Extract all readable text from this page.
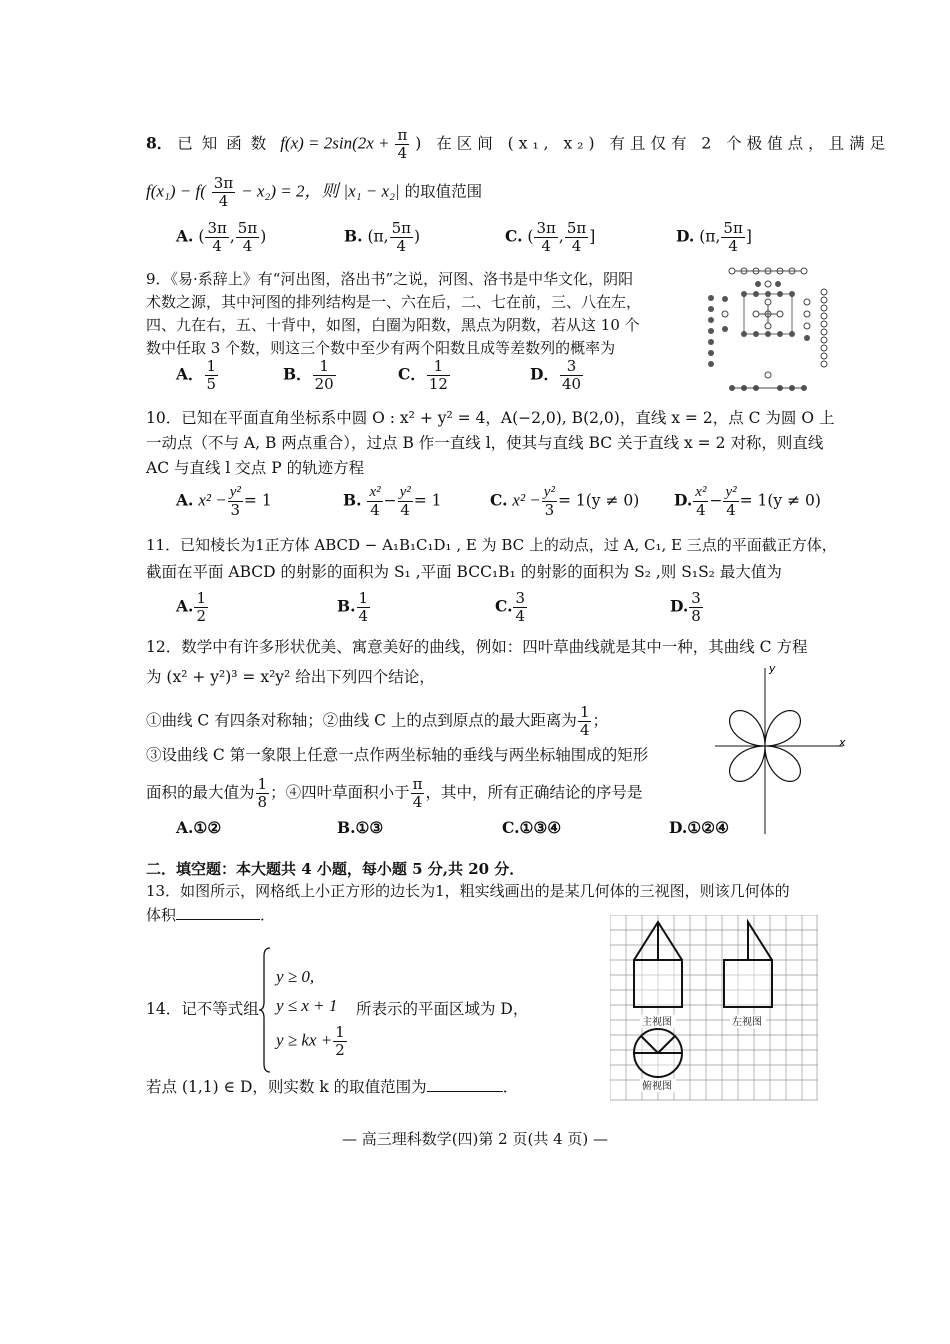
8． 已知函数 $f(x) = 2\sin(2x + \frac{\pi}{4}$ ) 在区间 (x₁, x₂) 有且仅有 2 个极值点，且满足
$f(x_1) - f( \frac{3\pi}{4} - x_2) = 2$，则 |x₁ − x₂| 的取值范围
A. ( $\frac{3\pi}{4}$ , $\frac{5\pi}{4}$ )	B. (π, $\frac{5\pi}{4}$ )	C. ( $\frac{3\pi}{4}$ , $\frac{5\pi}{4}$ ]	D. (π, $\frac{5\pi}{4}$ ]
9．《易·系辞上》有“河出图，洛出书”之说，河图、洛书是中华文化，阴阳
术数之源，其中河图的排列结构是一、六在后，二、七在前，三、八在左，
四、九在右，五、十背中，如图，白圈为阳数，黑点为阴数，若从这 10 个
数中任取 3 个数，则这三个数中至少有两个阳数且成等差数列的概率为
A． $\frac{1}{5}$	B． $\frac{1}{20}$	C． $\frac{1}{12}$	D． $\frac{3}{40}$
10．已知在平面直角坐标系中圆 O : x² + y² = 4，A(−2,0), B(2,0)，直线 x = 2，点 C 为圆 O 上
一动点（不与 A, B 两点重合），过点 B 作一直线 l，使其与直线 BC 关于直线 x = 2 对称，则直线
AC 与直线 l 交点 P 的轨迹方程
A. $x^2 - \frac{\text{y²}}{3} = 1$	B. $\frac{\text{x²}}{4} - \frac{\text{y²}}{4} = 1$	C. $x^2 - \frac{\text{y²}}{3} = 1(y \ne 0)$ D. $\frac{\text{x²}}{4} - \frac{\text{y²}}{4} = 1(y \ne 0)$
11．已知棱长为1正方体 ABCD − A₁B₁C₁D₁ , E 为 BC 上的动点，过 A, C₁, E 三点的平面截正方体，
截面在平面 ABCD 的射影的面积为 S₁ ,平面 BCC₁B₁ 的射影的面积为 S₂ ,则 S₁S₂ 最大值为
A. $\frac{1}{2}$	B. $\frac{1}{4}$	C. $\frac{3}{4}$	D. $\frac{3}{8}$
12．数学中有许多形状优美、寓意美好的曲线，例如：四叶草曲线就是其中一种，其曲线 C 方程
为 (x² + y²)³ = x²y² 给出下列四个结论，
①曲线 C 有四条对称轴；②曲线 C 上的点到原点的最大距离为 $\frac{1}{4}$ ；
③设曲线 C 第一象限上任意一点作两坐标轴的垂线与两坐标轴围成的矩形
面积的最大值为 $\frac{1}{8}$ ；④四叶草面积小于 $\frac{\pi}{4}$ ，其中，所有正确结论的序号是
A.①②	B.①③	C.①③④	D.①②④
x
y
二．填空题：本大题共 4 小题，每小题 5 分,共 20 分．
13．如图所示，网格纸上小正方形的边长为1，粗实线画出的是某几何体的三视图，则该几何体的
体积	．
主视图	左视图
俯视图
14．记不等式组
y ≥ 0,
y ≤ x + 1
y ≥ kx + $\frac{1}{2}$
所表示的平面区域为 D，
若点 (1,1) ∈ D，则实数 k 的取值范围为	．
— 高三理科数学(四)第 2 页(共 4 页) —
